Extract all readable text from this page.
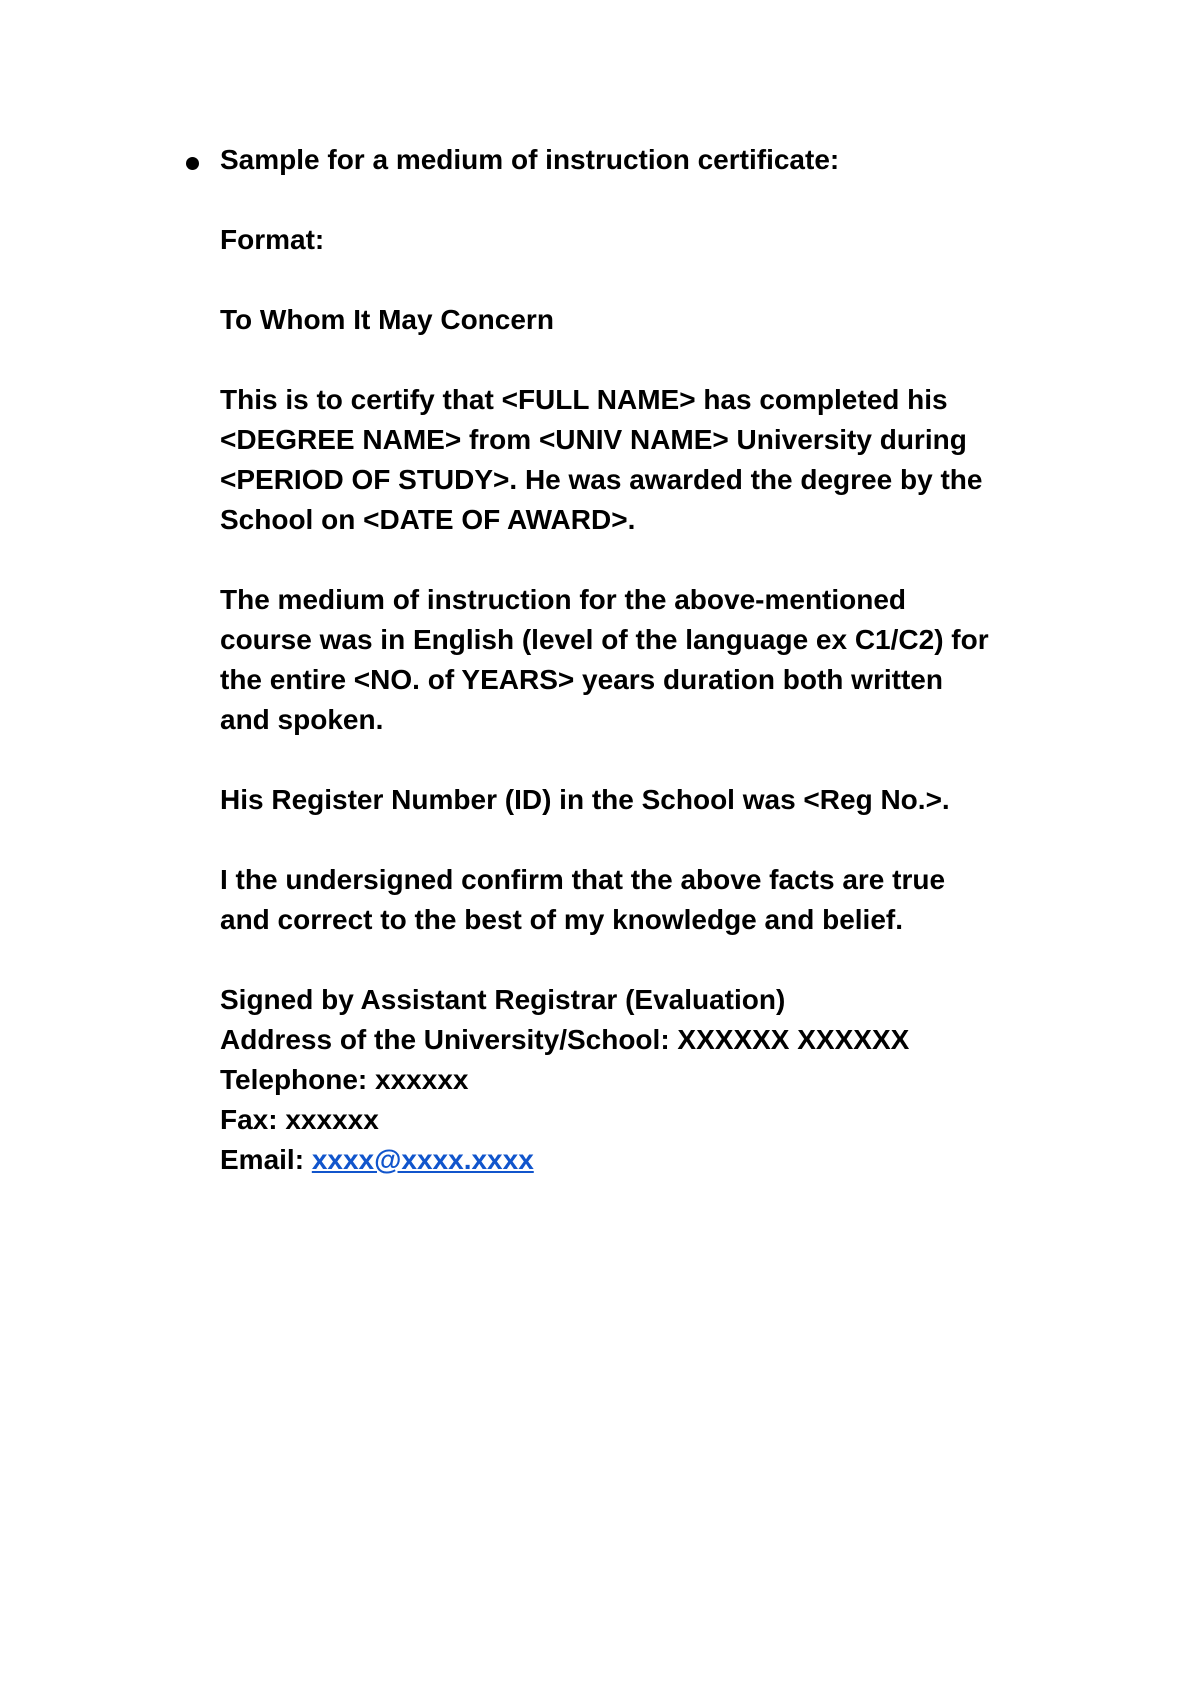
Sample for a medium of instruction certificate:

Format:

To Whom It May Concern

This is to certify that <FULL NAME> has completed his
<DEGREE NAME> from <UNIV NAME> University during
<PERIOD OF STUDY>. He was awarded the degree by the
School on <DATE OF AWARD>.

The medium of instruction for the above-mentioned
course was in English (level of the language ex C1/C2) for
the entire <NO. of YEARS> years duration both written
and spoken.

His Register Number (ID) in the School was <Reg No.>.

I the undersigned confirm that the above facts are true
and correct to the best of my knowledge and belief.

Signed by Assistant Registrar (Evaluation)
Address of the University/School: XXXXXX XXXXXX
Telephone: xxxxxx
Fax: xxxxxx
Email: xxxx@xxxx.xxxx
